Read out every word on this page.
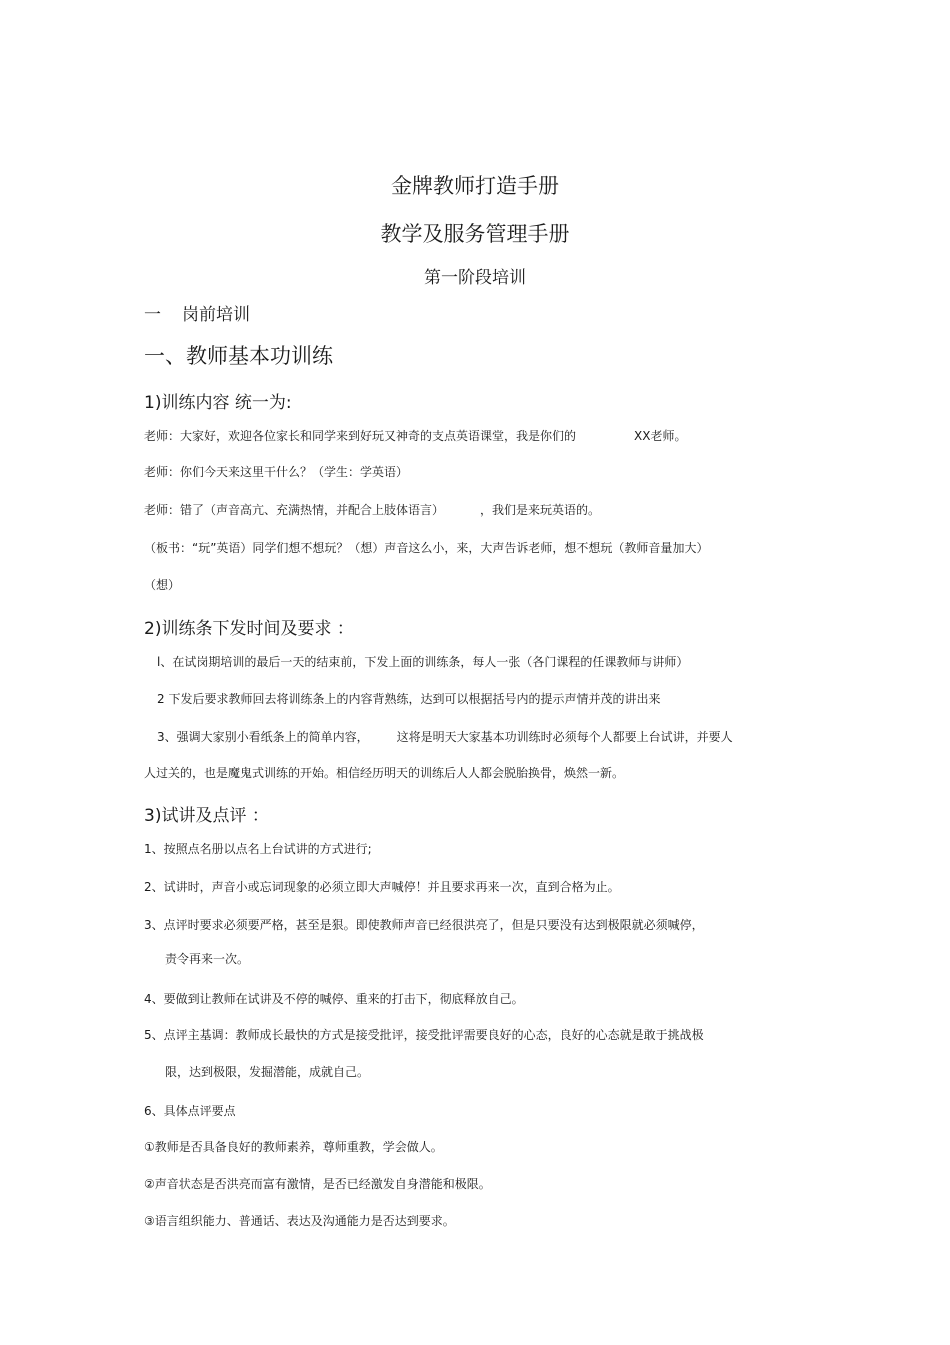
金牌教师打造手册
教学及服务管理手册
第一阶段培训
一 岗前培训
一、教师基本功训练
1)训练内容 统一为:
老师：大家好，欢迎各位家长和同学来到好玩又神奇的支点英语课堂，我是你们的	XX老师。
老师：你们今天来这里干什么？（学生：学英语）
老师：错了（声音高亢、充满热情，并配合上肢体语言）	，我们是来玩英语的。
（板书：“玩”英语）同学们想不想玩？（想）声音这么小，来，大声告诉老师，想不想玩（教师音量加大）
（想）
2)训练条下发时间及要求 ：
l、在试岗期培训的最后一天的结束前，下发上面的训练条，每人一张（各门课程的任课教师与讲师）
2 下发后要求教师回去将训练条上的内容背熟练，达到可以根据括号内的提示声情并茂的讲出来
3、强调大家别小看纸条上的简单内容， 这将是明天大家基本功训练时必须每个人都要上台试讲，并要人
人过关的，也是魔鬼式训练的开始。相信经历明天的训练后人人都会脱胎换骨，焕然一新。
3)试讲及点评 ：
1、按照点名册以点名上台试讲的方式进行;
2、试讲时，声音小或忘词现象的必须立即大声喊停！并且要求再来一次，直到合格为止。
3、点评时要求必须要严格，甚至是狠。即使教师声音已经很洪亮了，但是只要没有达到极限就必须喊停，
责令再来一次。
4、要做到让教师在试讲及不停的喊停、重来的打击下，彻底释放自己。
5、点评主基调：教师成长最快的方式是接受批评，接受批评需要良好的心态，良好的心态就是敢于挑战极
限，达到极限，发掘潜能，成就自己。
6、具体点评要点
①教师是否具备良好的教师素养，尊师重教，学会做人。
②声音状态是否洪亮而富有激情，是否已经激发自身潜能和极限。
③语言组织能力、普通话、表达及沟通能力是否达到要求。
